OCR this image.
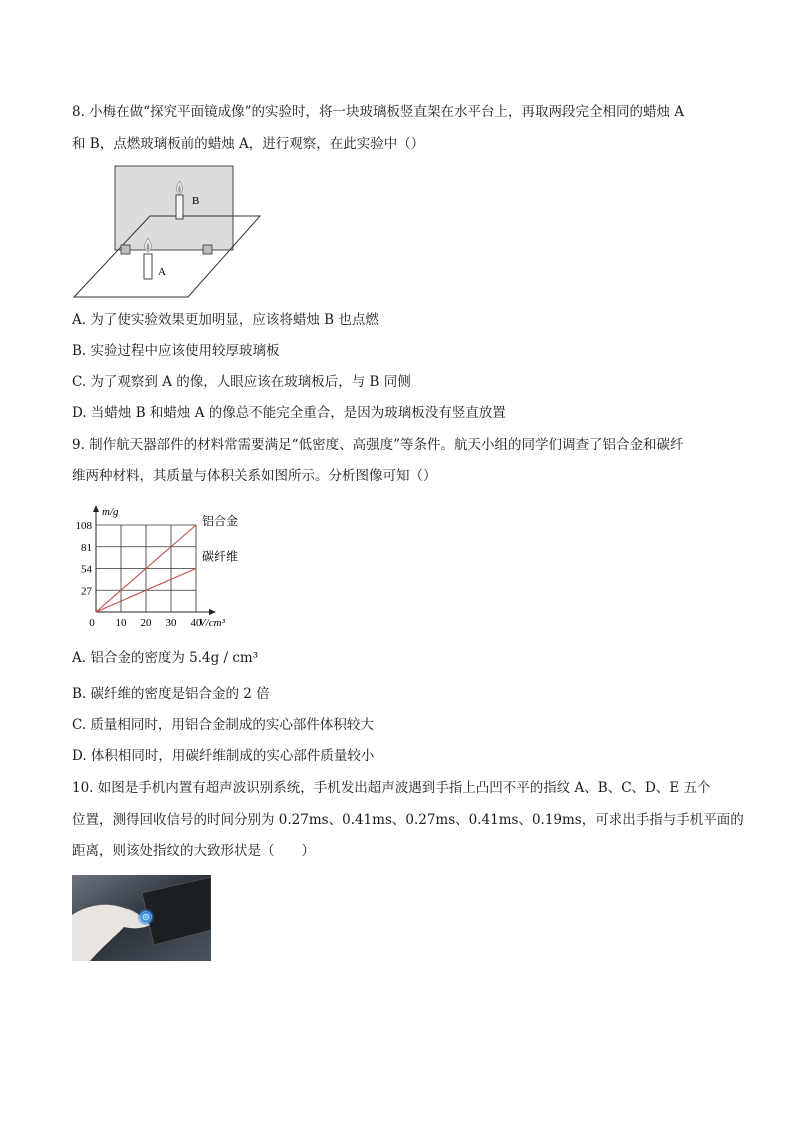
8. 小梅在做“探究平面镜成像”的实验时，将一块玻璃板竖直架在水平台上，再取两段完全相同的蜡烛 A
和 B，点燃玻璃板前的蜡烛 A，进行观察，在此实验中（）
B
A
A. 为了使实验效果更加明显，应该将蜡烛 B 也点燃
B. 实验过程中应该使用较厚玻璃板
C. 为了观察到 A 的像，人眼应该在玻璃板后，与 B 同侧
D. 当蜡烛 B 和蜡烛 A 的像总不能完全重合，是因为玻璃板没有竖直放置
9. 制作航天器部件的材料常需要满足“低密度、高强度”等条件。航天小组的同学们调查了铝合金和碳纤
维两种材料，其质量与体积关系如图所示。分析图像可知（）
0 10 20 30 40
27
54
81
108
m/g
V/cm³
铝合金
碳纤维
A. 铝合金的密度为 5.4g / cm³
B. 碳纤维的密度是铝合金的 2 倍
C. 质量相同时，用铝合金制成的实心部件体积较大
D. 体积相同时，用碳纤维制成的实心部件质量较小
10. 如图是手机内置有超声波识别系统，手机发出超声波遇到手指上凸凹不平的指纹 A、B、C、D、E 五个
位置，测得回收信号的时间分别为 0.27ms、0.41ms、0.27ms、0.41ms、0.19ms，可求出手指与手机平面的
距离，则该处指纹的大致形状是（　　）
